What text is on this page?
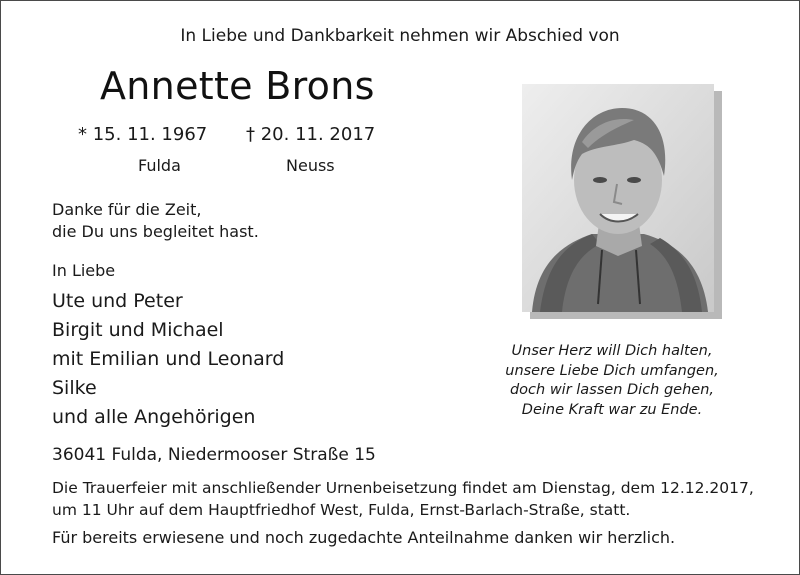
In Liebe und Dankbarkeit nehmen wir Abschied von
Annette Brons
* 15. 11. 1967 † 20. 11. 2017
Fulda	Neuss
Danke für die Zeit,
die Du uns begleitet hast.
In Liebe
Ute und Peter
Birgit und Michael
mit Emilian und Leonard
Silke
und alle Angehörigen
Unser Herz will Dich halten,
unsere Liebe Dich umfangen,
doch wir lassen Dich gehen,
Deine Kraft war zu Ende.
36041 Fulda, Niedermooser Straße 15
Die Trauerfeier mit anschließender Urnenbeisetzung findet am Dienstag, dem 12.12.2017,
um 11 Uhr auf dem Hauptfriedhof West, Fulda, Ernst-Barlach-Straße, statt.
Für bereits erwiesene und noch zugedachte Anteilnahme danken wir herzlich.
